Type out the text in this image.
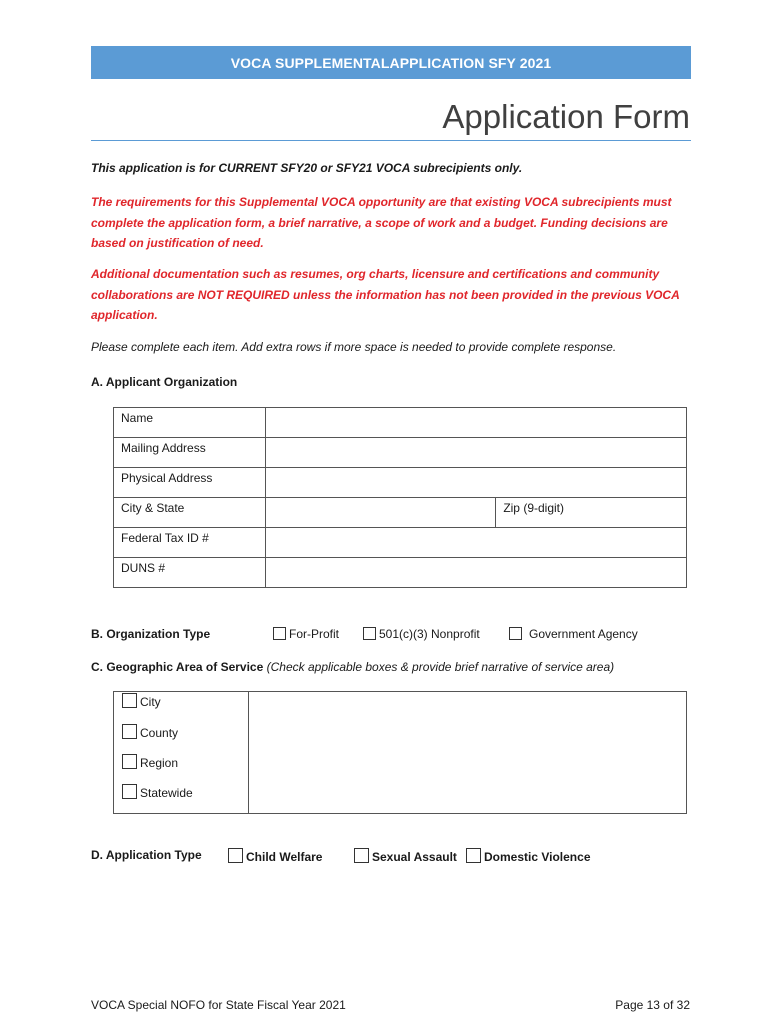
VOCA SUPPLEMENTALAPPLICATION SFY 2021
Application Form
This application is for CURRENT SFY20 or SFY21 VOCA subrecipients only.
The requirements for this Supplemental VOCA opportunity are that existing VOCA subrecipients must complete the application form, a brief narrative, a scope of work and a budget. Funding decisions are based on justification of need.
Additional documentation such as resumes, org charts, licensure and certifications and community collaborations are NOT REQUIRED unless the information has not been provided in the previous VOCA application.
Please complete each item. Add extra rows if more space is needed to provide complete response.
A. Applicant Organization
Name		
Mailing Address		
Physical Address		
City & State		Zip (9-digit)
Federal Tax ID #		
DUNS #		
B. Organization Type	For-Profit	501(c)(3) Nonprofit	Government Agency
C. Geographic Area of Service (Check applicable boxes & provide brief narrative of service area)
City
County
Region
Statewide
D. Application Type	Child Welfare	Sexual Assault	Domestic Violence
VOCA Special NOFO for State Fiscal Year 2021	Page 13 of 32
